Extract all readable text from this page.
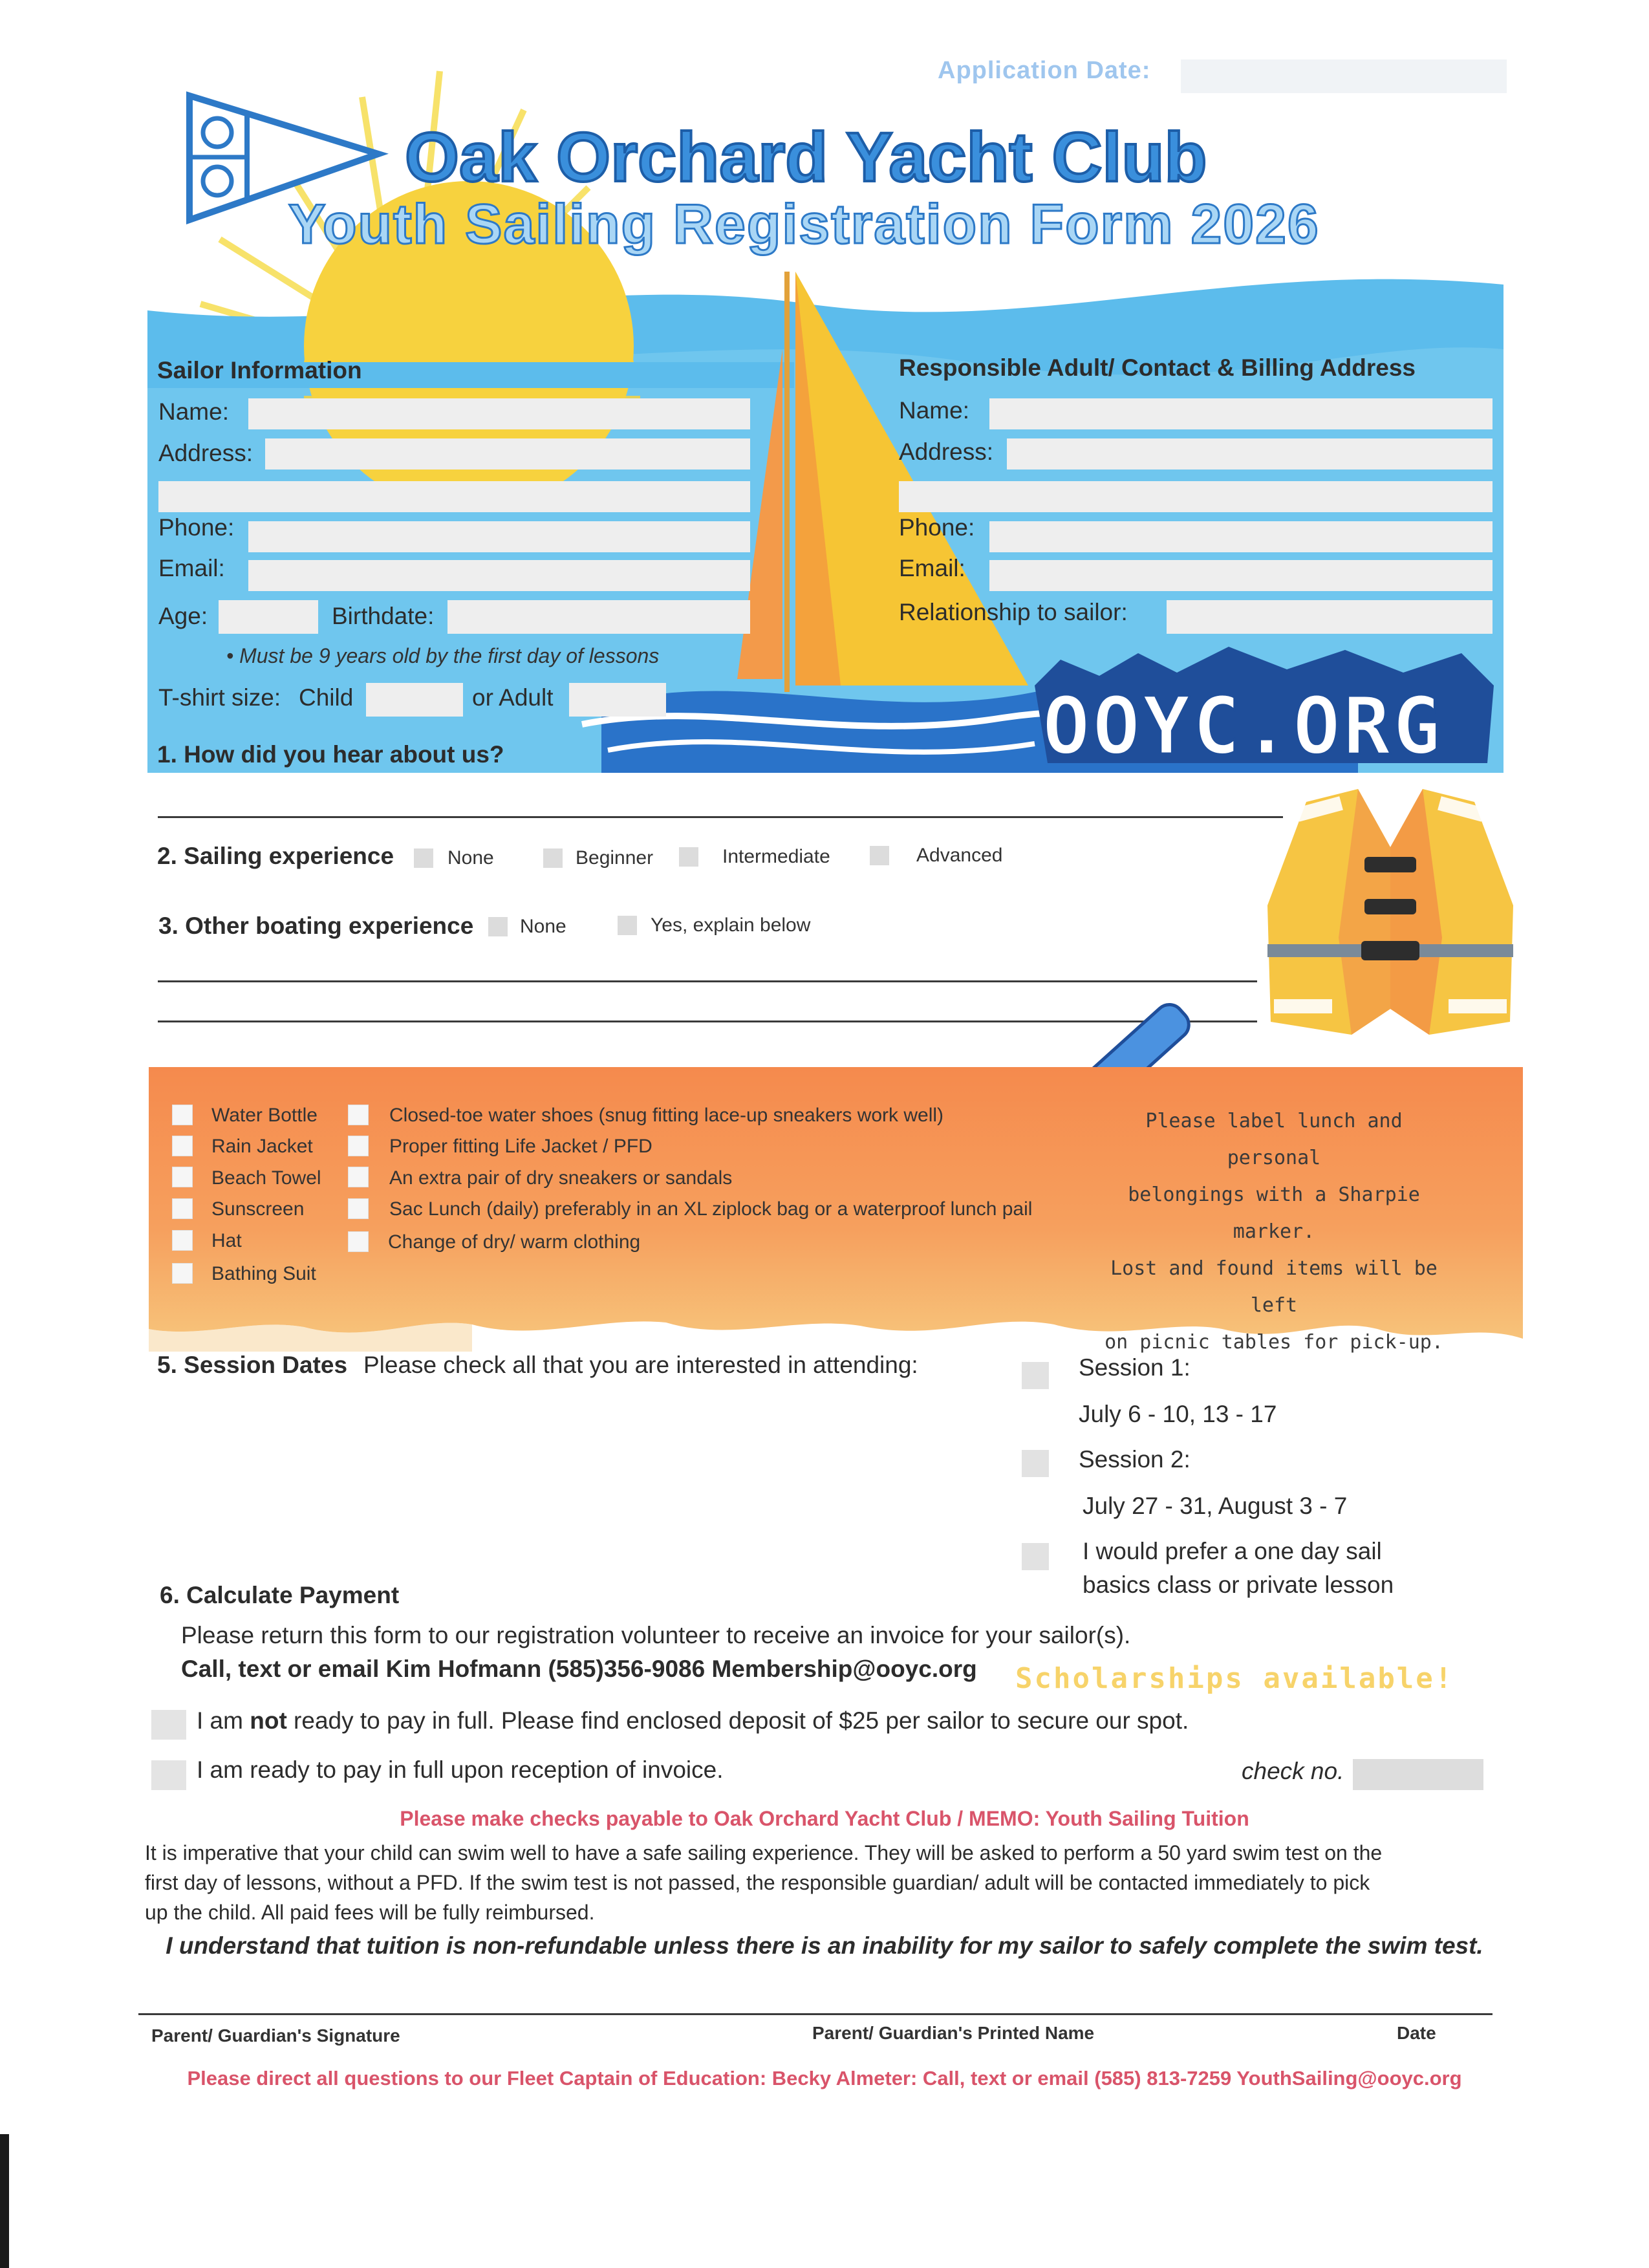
Application Date:
Oak Orchard Yacht Club
Youth Sailing Registration Form 2026
Sailor Information
Name:
Address:
Phone:
Email:
Age:	Birthdate:
• Must be 9 years old by the first day of lessons
T-shirt size: Child	or Adult
Responsible Adult/ Contact & Billing Address
Name:
Address:
Phone:
Email:
Relationship to sailor:
OOYC.ORG
1. How did you hear about us?
2. Sailing experience	None	Beginner	Intermediate	Advanced
3. Other boating experience None	Yes, explain below
Water Bottle
Rain Jacket
Beach Towel
Sunscreen
Hat
Bathing Suit
Closed-toe water shoes (snug fitting lace-up sneakers work well)
Proper fitting Life Jacket / PFD
An extra pair of dry sneakers or sandals
Sac Lunch (daily) preferably in an XL ziplock bag or a waterproof lunch pail
Change of dry/ warm clothing
Please label lunch and personal
belongings with a Sharpie marker.
Lost and found items will be left
on picnic tables for pick-up.
5. Session Dates Please check all that you are interested in attending:	Session 1:
July 6 - 10, 13 - 17
Session 2:
July 27 - 31, August 3 - 7
I would prefer a one day sail
basics class or private lesson
6. Calculate Payment
Please return this form to our registration volunteer to receive an invoice for your sailor(s).
Call, text or email Kim Hofmann (585)356-9086 Membership@ooyc.org Scholarships available!
I am not ready to pay in full. Please find enclosed deposit of $25 per sailor to secure our spot.
I am ready to pay in full upon reception of invoice.	check no.
Please make checks payable to Oak Orchard Yacht Club / MEMO: Youth Sailing Tuition
It is imperative that your child can swim well to have a safe sailing experience. They will be asked to perform a 50 yard swim test on the
first day of lessons, without a PFD. If the swim test is not passed, the responsible guardian/ adult will be contacted immediately to pick
up the child. All paid fees will be fully reimbursed.
I understand that tuition is non-refundable unless there is an inability for my sailor to safely complete the swim test.
Parent/ Guardian's Signature	Parent/ Guardian's Printed Name	Date
Please direct all questions to our Fleet Captain of Education: Becky Almeter: Call, text or email (585) 813-7259 YouthSailing@ooyc.org
